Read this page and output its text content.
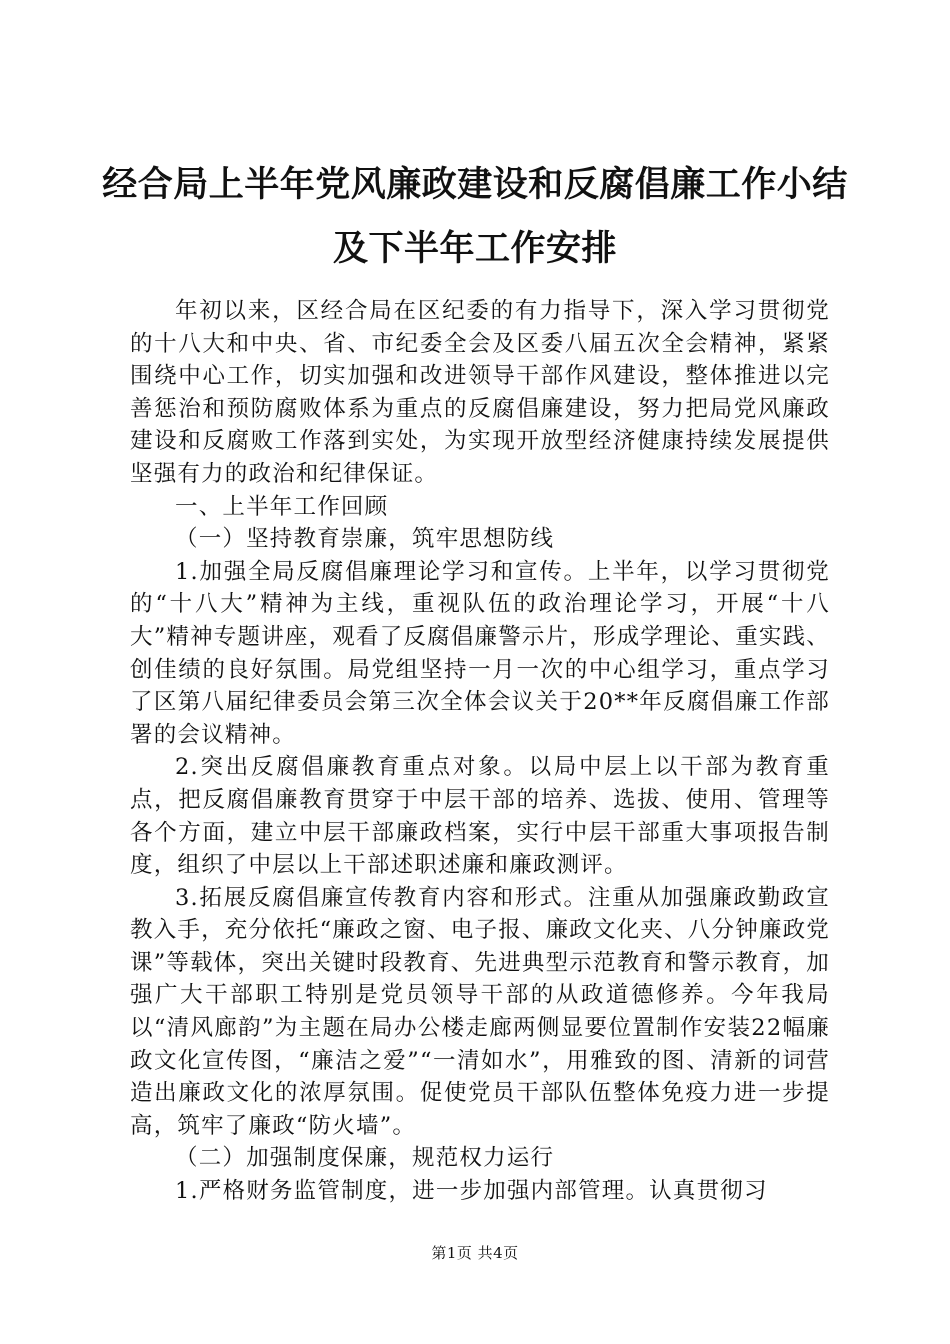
经合局上半年党风廉政建设和反腐倡廉工作小结及下半年工作安排

年初以来，区经合局在区纪委的有力指导下，深入学习贯彻党的十八大和中央、省、市纪委全会及区委八届五次全会精神，紧紧围绕中心工作，切实加强和改进领导干部作风建设，整体推进以完善惩治和预防腐败体系为重点的反腐倡廉建设，努力把局党风廉政建设和反腐败工作落到实处，为实现开放型经济健康持续发展提供坚强有力的政治和纪律保证。

一、上半年工作回顾

（一）坚持教育崇廉，筑牢思想防线

1.加强全局反腐倡廉理论学习和宣传。上半年，以学习贯彻党的“十八大”精神为主线，重视队伍的政治理论学习，开展“十八大”精神专题讲座，观看了反腐倡廉警示片，形成学理论、重实践、创佳绩的良好氛围。局党组坚持一月一次的中心组学习，重点学习了区第八届纪律委员会第三次全体会议关于20**年反腐倡廉工作部署的会议精神。

2.突出反腐倡廉教育重点对象。以局中层上以干部为教育重点，把反腐倡廉教育贯穿于中层干部的培养、选拔、使用、管理等各个方面，建立中层干部廉政档案，实行中层干部重大事项报告制度，组织了中层以上干部述职述廉和廉政测评。

3.拓展反腐倡廉宣传教育内容和形式。注重从加强廉政勤政宣教入手，充分依托“廉政之窗、电子报、廉政文化夹、八分钟廉政党课”等载体，突出关键时段教育、先进典型示范教育和警示教育，加强广大干部职工特别是党员领导干部的从政道德修养。今年我局以“清风廊韵”为主题在局办公楼走廊两侧显要位置制作安装22幅廉政文化宣传图，“廉洁之爱”“一清如水”，用雅致的图、清新的词营造出廉政文化的浓厚氛围。促使党员干部队伍整体免疫力进一步提高，筑牢了廉政“防火墙”。

（二）加强制度保廉，规范权力运行

1.严格财务监管制度，进一步加强内部管理。认真贯彻习

第1页 共4页
